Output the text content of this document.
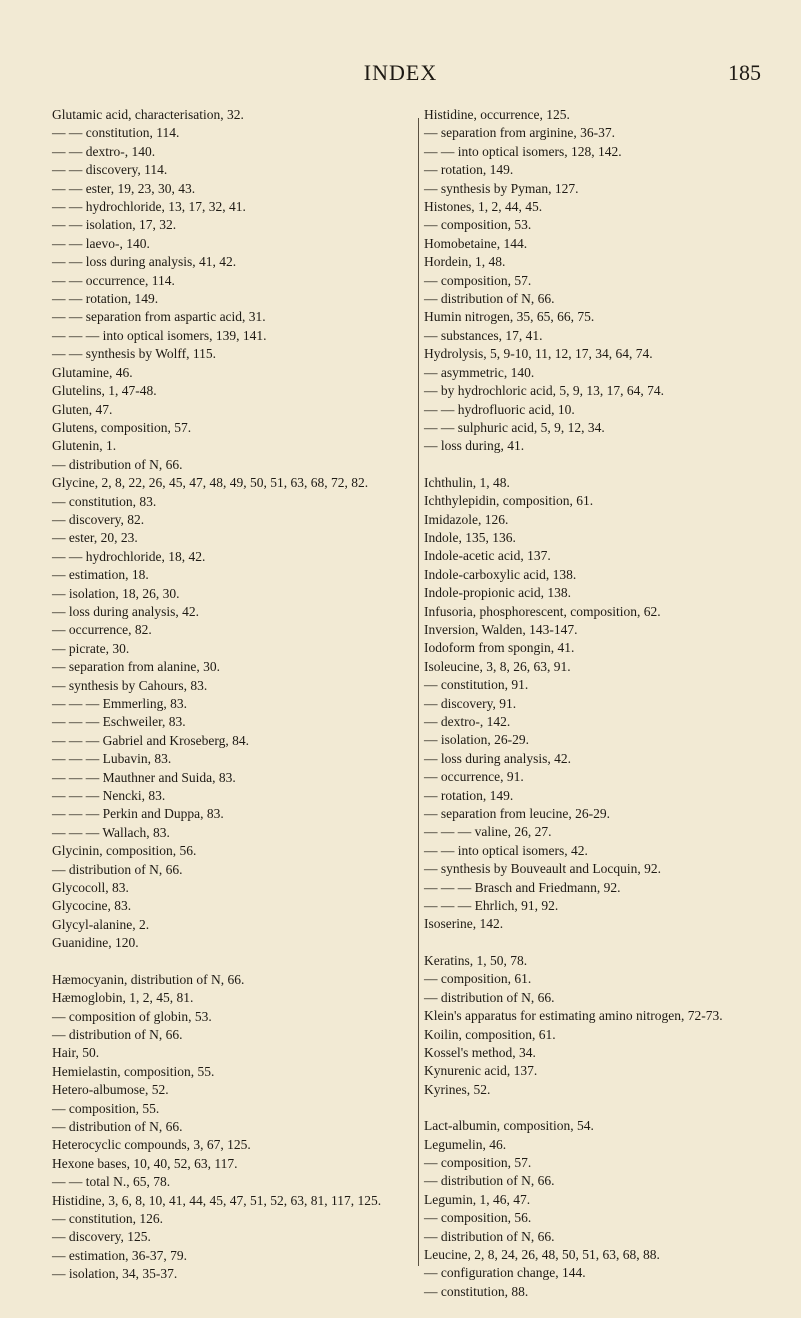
INDEX	185
Glutamic acid, characterisation, 32.
— — constitution, 114.
— — dextro-, 140.
— — discovery, 114.
— — ester, 19, 23, 30, 43.
— — hydrochloride, 13, 17, 32, 41.
— — isolation, 17, 32.
— — laevo-, 140.
— — loss during analysis, 41, 42.
— — occurrence, 114.
— — rotation, 149.
— — separation from aspartic acid, 31.
— — — into optical isomers, 139, 141.
— — synthesis by Wolff, 115.
Glutamine, 46.
Glutelins, 1, 47-48.
Gluten, 47.
Glutens, composition, 57.
Glutenin, 1.
— distribution of N, 66.
Glycine, 2, 8, 22, 26, 45, 47, 48, 49, 50, 51, 63, 68, 72, 82.
— constitution, 83.
— discovery, 82.
— ester, 20, 23.
— — hydrochloride, 18, 42.
— estimation, 18.
— isolation, 18, 26, 30.
— loss during analysis, 42.
— occurrence, 82.
— picrate, 30.
— separation from alanine, 30.
— synthesis by Cahours, 83.
— — — Emmerling, 83.
— — — Eschweiler, 83.
— — — Gabriel and Kroseberg, 84.
— — — Lubavin, 83.
— — — Mauthner and Suida, 83.
— — — Nencki, 83.
— — — Perkin and Duppa, 83.
— — — Wallach, 83.
Glycinin, composition, 56.
— distribution of N, 66.
Glycocoll, 83.
Glycocine, 83.
Glycyl-alanine, 2.
Guanidine, 120.
Hæmocyanin, distribution of N, 66.
Hæmoglobin, 1, 2, 45, 81.
— composition of globin, 53.
— distribution of N, 66.
Hair, 50.
Hemielastin, composition, 55.
Hetero-albumose, 52.
— composition, 55.
— distribution of N, 66.
Heterocyclic compounds, 3, 67, 125.
Hexone bases, 10, 40, 52, 63, 117.
— — total N., 65, 78.
Histidine, 3, 6, 8, 10, 41, 44, 45, 47, 51, 52, 63, 81, 117, 125.
— constitution, 126.
— discovery, 125.
— estimation, 36-37, 79.
— isolation, 34, 35-37.
Histidine, occurrence, 125.
— separation from arginine, 36-37.
— — into optical isomers, 128, 142.
— rotation, 149.
— synthesis by Pyman, 127.
Histones, 1, 2, 44, 45.
— composition, 53.
Homobetaine, 144.
Hordein, 1, 48.
— composition, 57.
— distribution of N, 66.
Humin nitrogen, 35, 65, 66, 75.
— substances, 17, 41.
Hydrolysis, 5, 9-10, 11, 12, 17, 34, 64, 74.
— asymmetric, 140.
— by hydrochloric acid, 5, 9, 13, 17, 64, 74.
— — hydrofluoric acid, 10.
— — sulphuric acid, 5, 9, 12, 34.
— loss during, 41.
Ichthulin, 1, 48.
Ichthylepidin, composition, 61.
Imidazole, 126.
Indole, 135, 136.
Indole-acetic acid, 137.
Indole-carboxylic acid, 138.
Indole-propionic acid, 138.
Infusoria, phosphorescent, composition, 62.
Inversion, Walden, 143-147.
Iodoform from spongin, 41.
Isoleucine, 3, 8, 26, 63, 91.
— constitution, 91.
— discovery, 91.
— dextro-, 142.
— isolation, 26-29.
— loss during analysis, 42.
— occurrence, 91.
— rotation, 149.
— separation from leucine, 26-29.
— — — valine, 26, 27.
— — into optical isomers, 42.
— synthesis by Bouveault and Locquin, 92.
— — — Brasch and Friedmann, 92.
— — — Ehrlich, 91, 92.
Isoserine, 142.
Keratins, 1, 50, 78.
— composition, 61.
— distribution of N, 66.
Klein's apparatus for estimating amino nitrogen, 72-73.
Koilin, composition, 61.
Kossel's method, 34.
Kynurenic acid, 137.
Kyrines, 52.
Lact-albumin, composition, 54.
Legumelin, 46.
— composition, 57.
— distribution of N, 66.
Legumin, 1, 46, 47.
— composition, 56.
— distribution of N, 66.
Leucine, 2, 8, 24, 26, 48, 50, 51, 63, 68, 88.
— configuration change, 144.
— constitution, 88.
